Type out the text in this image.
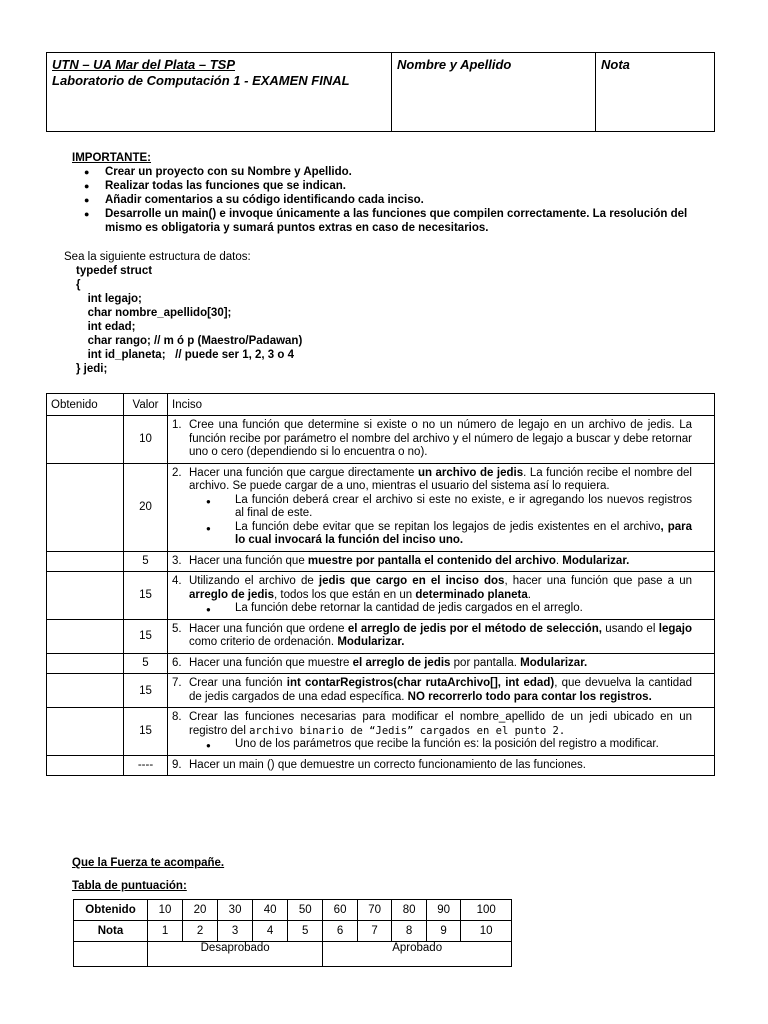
UTN – UA Mar del Plata – TSP
Laboratorio de Computación 1 - EXAMEN FINAL
	Nombre y Apellido	Nota
IMPORTANTE:
● Crear un proyecto con su Nombre y Apellido.
● Realizar todas las funciones que se indican.
● Añadir comentarios a su código identificando cada inciso.
● Desarrolle un main() e invoque únicamente a las funciones que compilen correctamente. La resolución del mismo es obligatoria y sumará puntos extras en caso de necesitarios.
Sea la siguiente estructura de datos:
typedef struct
{
int legajo;
char nombre_apellido[30];
int edad;
char rango; // m ó p (Maestro/Padawan)
int id_planeta;   // puede ser 1, 2, 3 o 4
} jedi;
Obtenido	Valor	Inciso
	10	1. Cree una función que determine si existe o no un número de legajo en un archivo de jedis. La función recibe por parámetro el nombre del archivo y el número de legajo a buscar y debe retornar uno o cero (dependiendo si lo encuentra o no).

	20	2. Hacer una función que cargue directamente un archivo de jedis. La función recibe el nombre del archivo. Se puede cargar de a uno, mientras el usuario del sistema así lo requiera.
● La función deberá crear el archivo si este no existe, e ir agregando los nuevos registros al final de este.
● La función debe evitar que se repitan los legajos de jedis existentes en el archivo, para lo cual invocará la función del inciso uno.

	5	3. Hacer una función que muestre por pantalla el contenido del archivo. Modularizar.

	15	4. Utilizando el archivo de jedis que cargo en el inciso dos, hacer una función que pase a un arreglo de jedis, todos los que están en un determinado planeta.
● La función debe retornar la cantidad de jedis cargados en el arreglo.

	15	5. Hacer una función que ordene el arreglo de jedis por el método de selección, usando el legajo como criterio de ordenación. Modularizar.

	5	6. Hacer una función que muestre el arreglo de jedis por pantalla. Modularizar.

	15	7. Crear una función int contarRegistros(char rutaArchivo[], int edad), que devuelva la cantidad de jedis cargados de una edad específica. NO recorrerlo todo para contar los registros.

	15	8. Crear las funciones necesarias para modificar el nombre_apellido de un jedi ubicado en un registro del archivo binario de “Jedis” cargados en el punto 2.
● Uno de los parámetros que recibe la función es: la posición del registro a modificar.

	----	9. Hacer un main () que demuestre un correcto funcionamiento de las funciones.
Que la Fuerza te acompañe.
Tabla de puntuación:
Obtenido	10	20	30	40	50	60	70	80	90	100
Nota	1	2	3	4	5	6	7	8	9	10
	Desaprobado					Aprobado				
